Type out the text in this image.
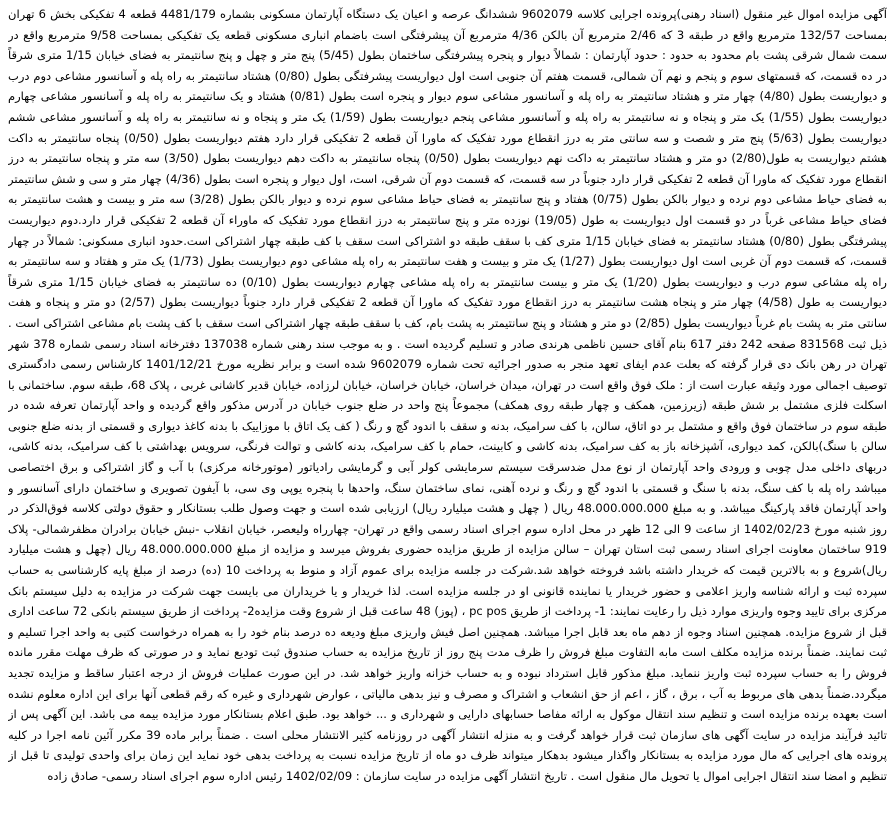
آگهی مزایده اموال غیر منقول (اسناد رهنی)پرونده اجرایی کلاسه 9602079 ششدانگ عرصه و اعیان یک دستگاه آپارتمان مسکونی بشماره 4481/179 قطعه 4 تفکیکی بخش 6 تهران بمساحت 132/57 مترمربع واقع در طبقه 3 که 2/46 مترمربع آن بالکن 4/36 مترمربع آن پیشرفتگی است باضمام انباری مسکونی قطعه یک تفکیکی بمساحت 9/58 مترمربع واقع در سمت شمال شرقی پشت بام محدود به حدود : حدود آپارتمان : شمالاً دیوار و پنجره پیشرفتگی ساختمان بطول (5/45) پنج متر و چهل و پنج سانتیمتر به فضای خیابان 1/15 متری شرقاً در ده قسمت، که قسمتهای سوم و پنجم و نهم آن شمالی، قسمت هفتم آن جنوبی است اول دیواریست پیشرفتگی بطول (0/80) هشتاد سانتیمتر به راه پله و آسانسور مشاعی دوم درب و دیواریست بطول (4/80) چهار متر و هشتاد سانتیمتر به راه پله و آسانسور مشاعی سوم دیوار و پنجره است بطول (0/81) هشتاد و یک سانتیمتر به راه پله و آسانسور مشاعی چهارم دیواریست بطول (1/55) یک متر و پنجاه و نه سانتیمتر به راه پله و آسانسور مشاعی پنجم دیواریست بطول (1/59) یک متر و پنجاه و نه سانتیمتر به راه پله و آسانسور مشاعی ششم دیواریست بطول (5/63) پنج متر و شصت و سه سانتی متر به درز انقطاع مورد تفکیک که ماورا آن قطعه 2 تفکیکی قرار دارد هفتم دیواریست بطول (0/50) پنجاه سانتیمتر به داکت هشتم دیواریست به طول(2/80) دو متر و هشتاد سانتیمتر به داکت نهم دیواریست بطول (0/50) پنجاه سانتیمتر به داکت دهم دیواریست بطول (3/50) سه متر و پنجاه سانتیمتر به درز انقطاع مورد تفکیک که ماورا آن قطعه 2 تفکیکی قرار دارد جنوباً در سه قسمت، که قسمت دوم آن شرقی، است، اول دیوار و پنجره است بطول (4/36) چهار متر و سی و شش سانتیمتر به فضای حیاط مشاعی دوم نرده و دیوار بالکن بطول (0/75) هفتاد و پنج سانتیمتر به فضای حیاط مشاعی سوم نرده و دیوار بالکن بطول (3/28) سه متر و بیست و هشت سانتیمتر به فضای حیاط مشاعی غرباً در دو قسمت اول دیواریست به طول (19/05) نوزده متر و پنج سانتیمتر به درز انقطاع مورد تفکیک که ماوراء آن قطعه 2 تفکیکی قرار دارد.دوم دیواریست پیشرفتگی بطول (0/80) هشتاد سانتیمتر به فضای خیابان 1/15 متری کف با سقف طبقه دو اشتراکی است سقف با کف طبقه چهار اشتراکی است.حدود انباری مسکونی: شمالاً در چهار قسمت، که قسمت دوم آن غربی است اول دیواریست بطول (1/27) یک متر و بیست و هفت سانتیمتر به راه پله مشاعی دوم دیواریست بطول (1/73) یک متر و هفتاد و سه سانتیمتر به راه پله مشاعی سوم درب و دیواریست بطول (1/20) یک متر و بیست سانتیمتر به راه پله مشاعی چهارم دیواریست بطول (0/10) ده سانتیمتر به فضای خیابان 1/15 متری شرقاً دیواریست به طول (4/58) چهار متر و پنجاه هشت سانتیمتر به درز انقطاع مورد تفکیک که ماورا آن قطعه 2 تفکیکی قرار دارد جنوباً دیواریست بطول (2/57) دو متر و پنجاه و هفت سانتی متر به پشت بام غرباً دیواریست بطول (2/85) دو متر و هشتاد و پنج سانتیمتر به پشت بام، کف با سقف طبقه چهار اشتراکی است سقف با کف پشت بام مشاعی اشتراکی است . ذیل ثبت 831568 صفحه 242 دفتر 617 بنام آقای حسین ناظمی هرندی صادر و تسلیم گردیده است . و به موجب سند رهنی شماره 137038 دفترخانه اسناد رسمی شماره 378 شهر تهران در رهن بانک دی قرار گرفته که بعلت عدم ایفای تعهد منجر به صدور اجرائیه تحت شماره 9602079 شده است و برابر نظریه مورخ 1401/12/21 کارشناس رسمی دادگستری توصیف اجمالی مورد وثیقه عبارت است از : ملک فوق واقع است در تهران، میدان خراسان، خیابان خراسان، خیابان لرزاده، خیابان قدیر کاشانی غربی ، پلاک 68، طبقه سوم. ساختمانی با اسکلت فلزی مشتمل بر شش طبقه (زیرزمین، همکف و چهار طبقه روی همکف) مجموعاً پنج واحد در ضلع جنوب خیابان در آدرس مذکور واقع گردیده و واحد آپارتمان تعرفه شده در طبقه سوم در ساختمان فوق واقع و مشتمل بر دو اتاق، سالن، با کف سرامیک، بدنه و سقف با اندود گچ و رنگ ( کف یک اتاق با موزاییک با بدنه کاغذ دیواری و قسمتی از بدنه ضلع جنوبی سالن با سنگ)بالکن، کمد دیواری، آشپزخانه باز به کف سرامیک، بدنه کاشی و کابینت، حمام با کف سرامیک، بدنه کاشی و توالت فرنگی، سرویس بهداشتی با کف سرامیک، بدنه کاشی، دربهای داخلی مدل چوبی و ورودی واحد آپارتمان از نوع مدل ضدسرقت سیستم سرمایشی کولر آبی و گرمایشی رادیاتور (موتورخانه مرکزی) با آب و گاز اشتراکی و برق اختصاصی میباشد راه پله با کف سنگ، بدنه با سنگ و قسمتی با اندود گچ و رنگ و نرده آهنی، نمای ساختمان سنگ، واحدها با پنجره یوپی وی سی، با آیفون تصویری و ساختمان دارای آسانسور و واحد آپارتمان فاقد پارکینگ میباشد. و به مبلغ 48.000.000.000 ریال ( چهل و هشت میلیارد ریال) ارزیابی شده است و جهت وصول طلب بستانکار و حقوق دولتی کلاسه فوق‌الذکر در روز شنبه مورخ 1402/02/23 از ساعت 9 الی 12 ظهر در محل اداره سوم اجرای اسناد رسمی واقع در تهران- چهارراه ولیعصر، خیابان انقلاب -نبش خیابان برادران مظفرشمالی- پلاک 919 ساختمان معاونت اجرای اسناد رسمی ثبت استان تهران – سالن مزایده از طریق مزایده حضوری بفروش میرسد و مزایده از مبلغ 48.000.000.000 ریال (چهل و هشت میلیارد ریال)شروع و به بالاترین قیمت که خریدار داشته باشد فروخته خواهد شد.شرکت در جلسه مزایده برای عموم آزاد و منوط به پرداخت 10 (ده) درصد از مبلغ پایه کارشناسی به حساب سپرده ثبت و ارائه شناسه واریز اعلامی و حضور خریدار یا نماینده قانونی او در جلسه مزایده است. لذا خریدار و یا خریداران می بایست جهت شرکت در مزایده به دلیل سیستم بانک مرکزی برای تایید وجوه واریزی موارد ذیل را رعایت نمایند: 1- پرداخت از طریق pc pos ، (پوز) 48 ساعت قبل از شروع وقت مزایده2- پرداخت از طریق سیستم بانکی 72 ساعت اداری قبل از شروع مزایده. همچنین اسناد وجوه از دهم ماه بعد قابل اجرا میباشد. همچنین اصل فیش واریزی مبلغ ودیعه ده درصد بنام خود را به همراه درخواست کتبی به واحد اجرا تسلیم و ثبت نمایند. ضمناً برنده مزایده مکلف است مابه التفاوت مبلغ فروش را ظرف مدت پنج روز از تاریخ مزایده به حساب صندوق ثبت تودیع نماید و در صورتی که ظرف مهلت مقرر مانده فروش را به حساب سپرده ثبت واریز ننماید. مبلغ مذکور قابل استرداد نبوده و به حساب خزانه واریز خواهد شد. در این صورت عملیات فروش از درجه اعتبار ساقط و مزایده تجدید میگردد.ضمناً بدهی های مربوط به آب ، برق ، گاز ، اعم از حق انشعاب و اشتراک و مصرف و نیز بدهی مالیاتی ، عوارض شهرداری و غیره که رقم قطعی آنها برای این اداره معلوم نشده است بعهده برنده مزایده است و تنظیم سند انتقال موکول به ارائه مفاصا حسابهای دارایی و شهرداری و ... خواهد بود. طبق اعلام بستانکار مورد مزایده بیمه می باشد. این آگهی پس از تائید فرآیند مزایده در سایت آگهی های سازمان ثبت قرار خواهد گرفت و به منزله انتشار آگهی در روزنامه کثیر الانتشار محلی است . ضمناً برابر ماده 39 مکرر آئین نامه اجرا در کلیه پرونده های اجرایی که مال مورد مزایده به بستانکار واگذار میشود بدهکار میتواند ظرف دو ماه از تاریخ مزایده نسبت به پرداخت بدهی خود نماید این زمان برای واحدی تولیدی تا قبل از تنظیم و امضا سند انتقال اجرایی اموال یا تحویل مال منقول است . تاریخ انتشار آگهی مزایده در سایت سازمان : 1402/02/09 رئیس اداره سوم اجرای اسناد رسمی- صادق زاده
